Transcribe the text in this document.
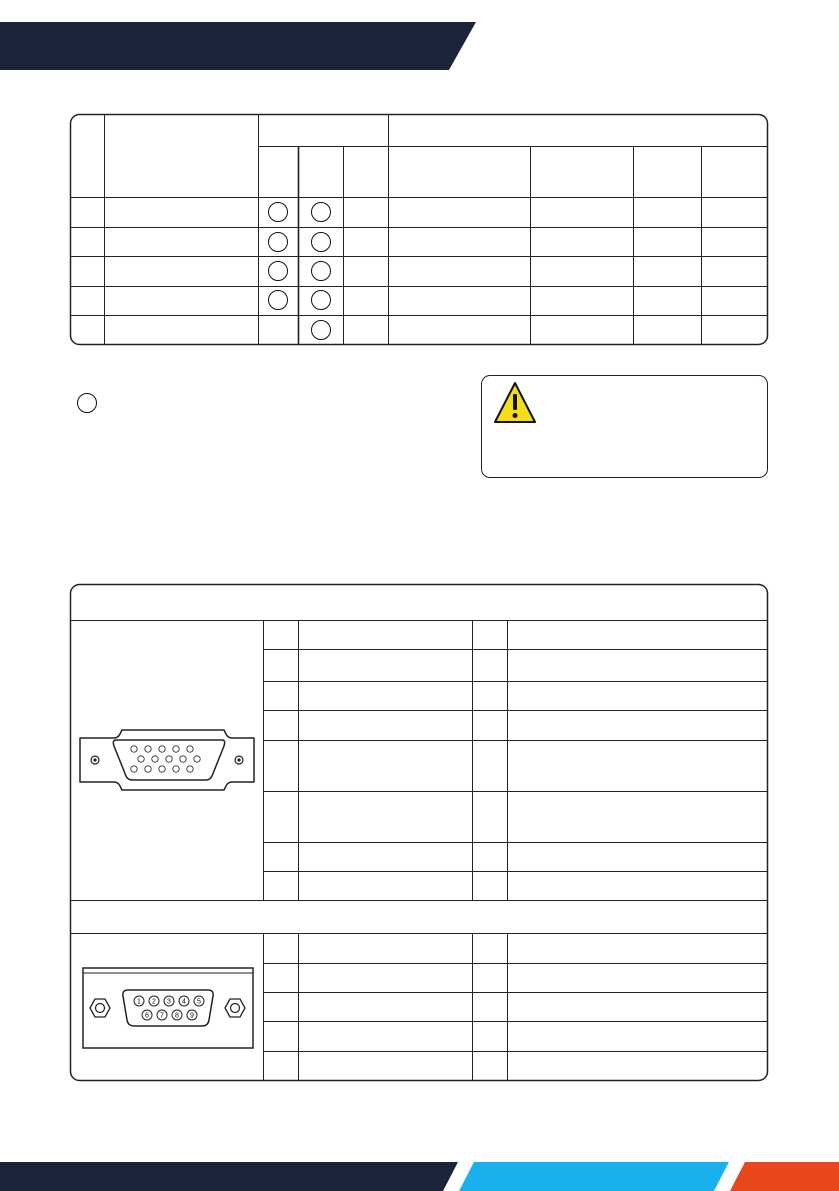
1 2 3 4 5
6 7 8 9
